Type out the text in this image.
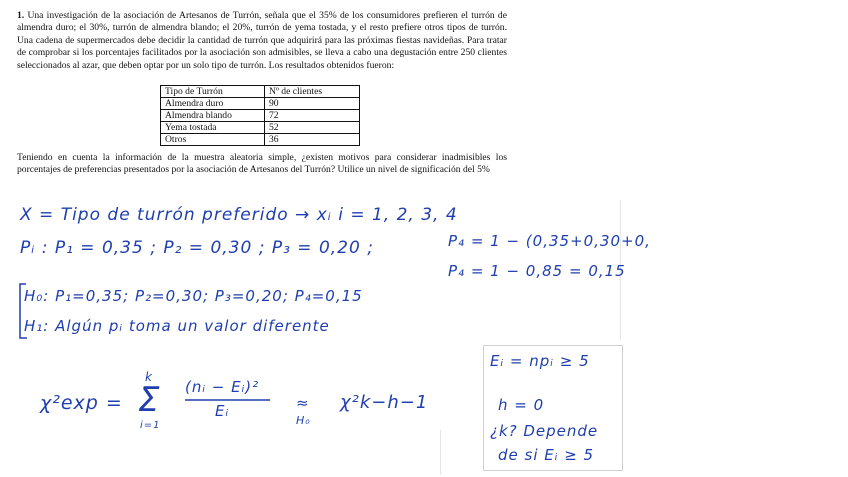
1. Una investigación de la asociación de Artesanos de Turrón, señala que el 35% de los consumidores prefieren el turrón de almendra duro; el 30%, turrón de almendra blando; el 20%, turrón de yema tostada, y el resto prefiere otros tipos de turrón. Una cadena de supermercados debe decidir la cantidad de turrón que adquirirá para las próximas fiestas navideñas. Para tratar de comprobar si los porcentajes facilitados por la asociación son admisibles, se lleva a cabo una degustación entre 250 clientes seleccionados al azar, que deben optar por un solo tipo de turrón. Los resultados obtenidos fueron:
Tipo de Turrón	Nº de clientes
Almendra duro	90
Almendra blando	72
Yema tostada	52
Otros	36
Teniendo en cuenta la información de la muestra aleatoria simple, ¿existen motivos para considerar inadmisibles los porcentajes de preferencias presentados por la asociación de Artesanos del Turrón? Utilice un nivel de significación del 5%
X = Tipo de turrón preferido → xᵢ i = 1, 2, 3, 4
Pᵢ : P₁ = 0,35 ; P₂ = 0,30 ; P₃ = 0,20 ;	P₄ = 1 − (0,35+0,30+0,
P₄ = 1 − 0,85 = 0,15
H₀: P₁=0,35; P₂=0,30; P₃=0,20; P₄=0,15
H₁: Algún pᵢ toma un valor diferente
χ²exp =
k
Σ
i=1
(nᵢ − Eᵢ)²
Eᵢ	≈
H₀
χ²k−h−1
Eᵢ = npᵢ ≥ 5
h = 0
¿k? Depende
de si Eᵢ ≥ 5
